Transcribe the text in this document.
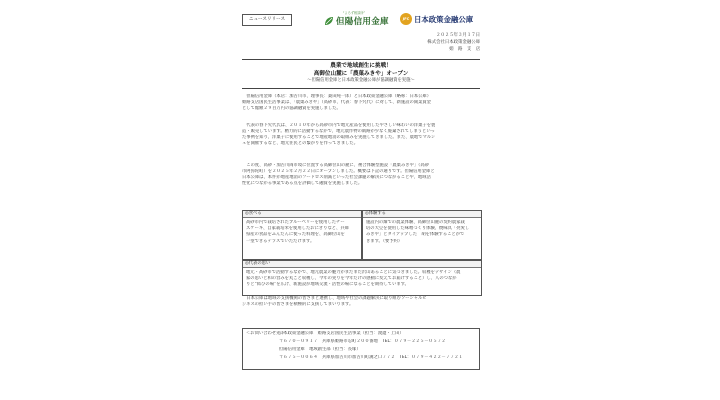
ニュースリリース
“よろず相談所”
但陽信用金庫	JFC 日本政策金融公庫
２０２５年３月１７日
株式会社日本政策金融公庫
姫　路　支　店
農業で地域創生に挑戦！
高御位山麓に「農菓みきや」オープン
～但陽信用金庫と日本政策金融公庫が協調融資を実施～
　但陽信用金庫（本店：加古川市、理事長：桑田純一郎）と日本政策金融公庫（略称：日本公庫）
姫路支店国民生活事業は、「農菓みきや」（高砂市、代表：春下究代）に対して、新施設の開業資金
として総額２９百万円の協調融資を実施しました。
　代表の春下究代氏は、２０１０年から高砂市内で地元産品を使用したやさしい味わいの洋菓子を製
造・販売しています。精力的に活動するなかで、地元農作物の販路が少なく廃棄されてしまうといっ
た事例を知り、洋菓子に使用することで地産地消の取組みを実施してきました。また、農地でマルシ
ェを開催するなど、地元住民との繋がりを作ってきました。
　この度、高砂・加古川両市境に位置する高御位山の麓に、複合体験型施設「農菓みきや」（高砂
市阿弥陀町）を２０２５年２月２２日にオープンしました。概要は下記の通りです。但陽信用金庫と
日本公庫は、本件が地産地消のフードロス削減といった社会課題の解決につながることや、地域活
性化につながる事業である点を評価して融資を実施しました。
◎食べる
高砂市内で栽培されたブルーベリーを使用したチー
ズケーキ、自家栽培米を使用したおにぎりなど、兵庫
県産の食品をふんだんに使った料理を、高御位山を
一望できるテラスでいただけます。
◎体験する
施設内の畑での農業体験、高御位山麓の契約農家栽
培の大豆を使用した味噌づくり体験、焼味具「亮愛し
みきや」とタイアップした　胡を体験することがで
きます。（要予約）
◎代表の思い
地元・高砂市で活動するなかで、地元農業の魅力がまだまだ沢山あることに気づきました。収穫をデザイン（農
家の思いと和の営みを丸ごと収穫し、今年の実りを今年だけの感動に変えてお届けすること）し、人のつなが
りと“結びの場”を広げ、新施設が地域交流・活性の場になることを期待しています。
　日本公庫は地域の支援機関の皆さまと連携し、地域や社会の課題解決に取り組むソーシャルビ
ジネスの担い手の皆さまを積極的に支援してまいります。
＜お問い合わせ先＞
日本政策金融公庫　姫路支店国民生活事業（担当：渡邊・上田）
〒６７０－０９１７　兵庫県姫路市忍町２００番地　TEL：０７９－２２５－０５７２
但陽信用金庫　地域創生部（担当：長塚）
〒６７５－００６４　兵庫県加古川市加古川町溝之口７７２　TEL：０７９－４２２－７７２１
